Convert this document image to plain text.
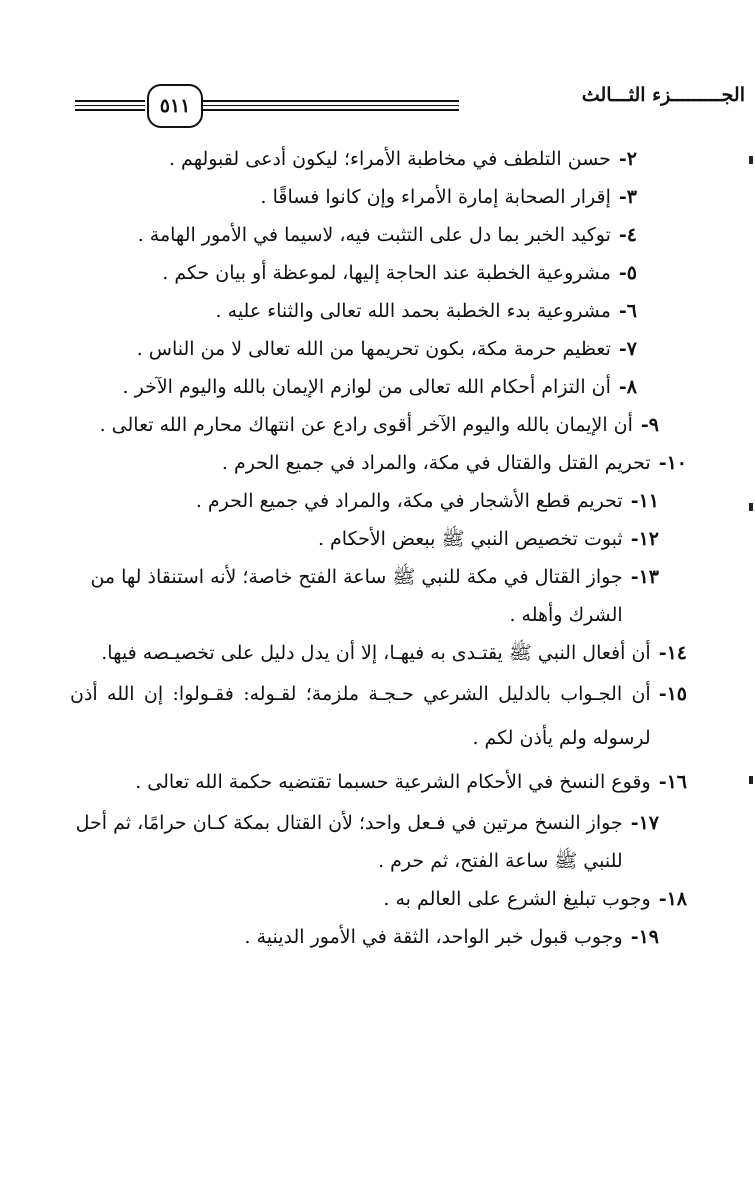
٥١١	الجـــــــــزء الثـــالث
٢-
حسن التلطف في مخاطبة الأمراء؛ ليكون أدعى لقبولهم .
٣-
إقرار الصحابة إمارة الأمراء وإن كانوا فساقًا .
٤-
توكيد الخبر بما دل على التثبت فيه، لاسيما في الأمور الهامة .
٥-
مشروعية الخطبة عند الحاجة إليها، لموعظة أو بيان حكم .
٦-
مشروعية بدء الخطبة بحمد الله تعالى والثناء عليه .
٧-
تعظيم حرمة مكة، بكون تحريمها من الله تعالى لا من الناس .
٨-
أن التزام أحكام الله تعالى من لوازم الإيمان بالله واليوم الآخر .
٩-
أن الإيمان بالله واليوم الآخر أقوى رادع عن انتهاك محارم الله تعالى .
١٠-
تحريم القتل والقتال في مكة، والمراد في جميع الحرم .
١١-
تحريم قطع الأشجار في مكة، والمراد في جميع الحرم .
١٢-
ثبوت تخصيص النبي ﷺ ببعض الأحكام .
١٣-
جواز القتال في مكة للنبي ﷺ ساعة الفتح خاصة؛ لأنه استنقاذ لها من الشرك وأهله .
١٤-
أن أفعال النبي ﷺ يقتـدى به فيهـا، إلا أن يدل دليل على تخصيـصه فيها.
١٥-
أن الجـواب بالدليل الشرعي حـجـة ملزمة؛ لقـوله: فقـولوا: إن الله أذن لرسوله ولم يأذن لكم .
١٦-
وقوع النسخ في الأحكام الشرعية حسبما تقتضيه حكمة الله تعالى .
١٧-
جواز النسخ مرتين في فـعل واحد؛ لأن القتال بمكة كـان حرامًا، ثم أحل للنبي ﷺ ساعة الفتح، ثم حرم .
١٨-
وجوب تبليغ الشرع على العالم به .
١٩-
وجوب قبول خبر الواحد، الثقة في الأمور الدينية .
